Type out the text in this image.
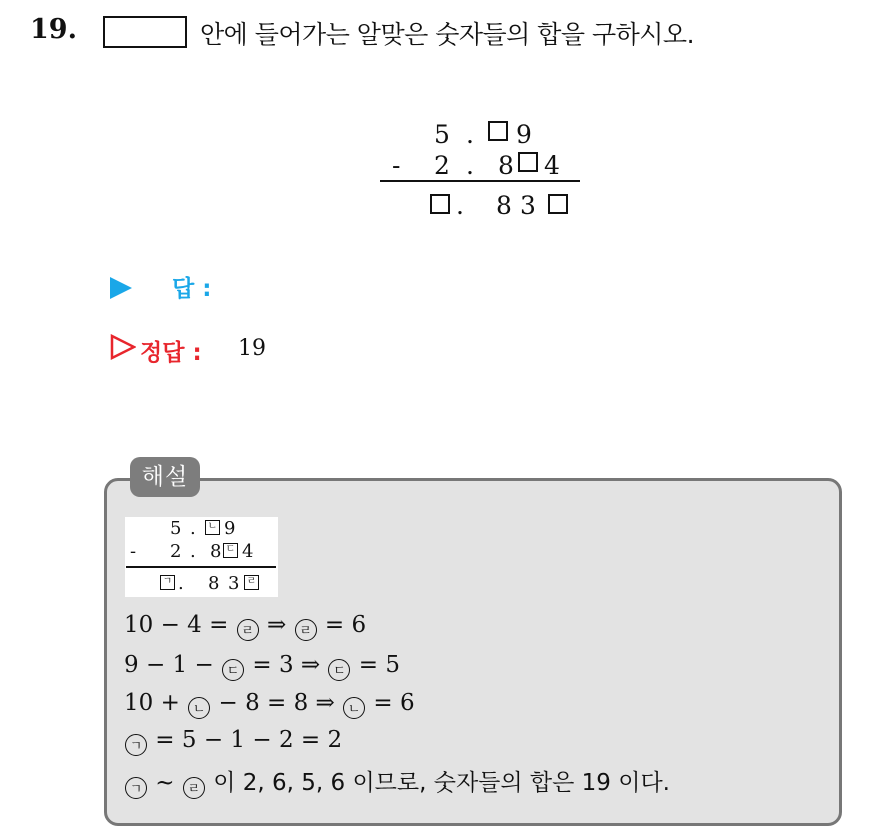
19.	안에 들어가는 알맞은 숫자들의 합을 구하시오.
5 . 9
- 2 . 8 4
. 8 3
답 :
정답 : 19
해설
5 . ㄴ 9
- 2 . 8 ㄷ 4
ㄱ . 8 3 ㄹ
10 − 4 = ㄹ ⇒ ㄹ = 6
9 − 1 − ㄷ = 3 ⇒ ㄷ = 5
10 + ㄴ − 8 = 8 ⇒ ㄴ = 6
ㄱ = 5 − 1 − 2 = 2
ㄱ ~ ㄹ 이 2, 6, 5, 6 이므로, 숫자들의 합은 19 이다.
